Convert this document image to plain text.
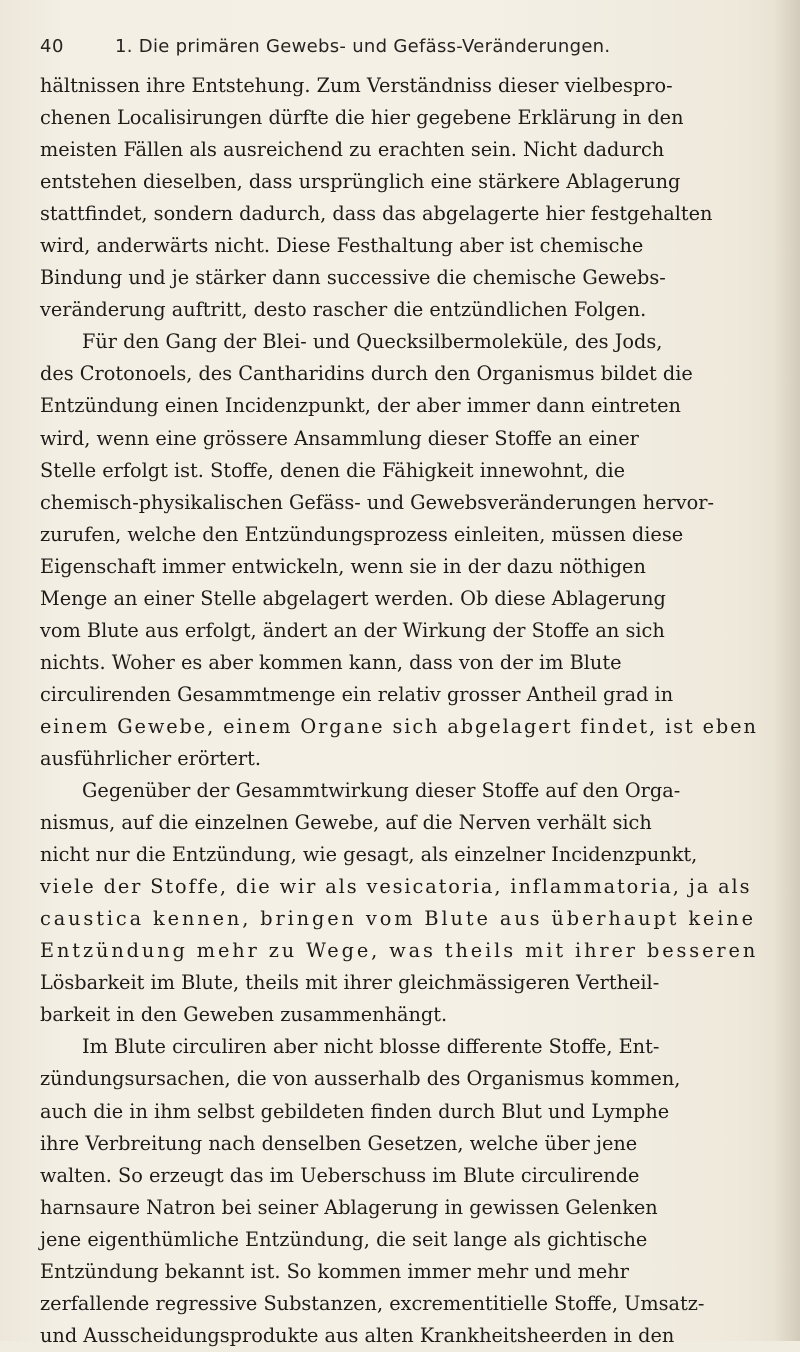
40	1. Die primären Gewebs- und Gefäss-Veränderungen.
hältnissen ihre Entstehung. Zum Verständniss dieser vielbespro-
chenen Localisirungen dürfte die hier gegebene Erklärung in den
meisten Fällen als ausreichend zu erachten sein. Nicht dadurch
entstehen dieselben, dass ursprünglich eine stärkere Ablagerung
stattfindet, sondern dadurch, dass das abgelagerte hier festgehalten
wird, anderwärts nicht. Diese Festhaltung aber ist chemische
Bindung und je stärker dann successive die chemische Gewebs-
veränderung auftritt, desto rascher die entzündlichen Folgen.
Für den Gang der Blei- und Quecksilbermoleküle, des Jods,
des Crotonoels, des Cantharidins durch den Organismus bildet die
Entzündung einen Incidenzpunkt, der aber immer dann eintreten
wird, wenn eine grössere Ansammlung dieser Stoffe an einer
Stelle erfolgt ist. Stoffe, denen die Fähigkeit innewohnt, die
chemisch-physikalischen Gefäss- und Gewebsveränderungen hervor-
zurufen, welche den Entzündungsprozess einleiten, müssen diese
Eigenschaft immer entwickeln, wenn sie in der dazu nöthigen
Menge an einer Stelle abgelagert werden. Ob diese Ablagerung
vom Blute aus erfolgt, ändert an der Wirkung der Stoffe an sich
nichts. Woher es aber kommen kann, dass von der im Blute
circulirenden Gesammtmenge ein relativ grosser Antheil grad in
einem Gewebe, einem Organe sich abgelagert findet, ist eben
ausführlicher erörtert.
Gegenüber der Gesammtwirkung dieser Stoffe auf den Orga-
nismus, auf die einzelnen Gewebe, auf die Nerven verhält sich
nicht nur die Entzündung, wie gesagt, als einzelner Incidenzpunkt,
viele der Stoffe, die wir als vesicatoria, inflammatoria, ja als
caustica kennen, bringen vom Blute aus überhaupt keine
Entzündung mehr zu Wege, was theils mit ihrer besseren
Lösbarkeit im Blute, theils mit ihrer gleichmässigeren Vertheil-
barkeit in den Geweben zusammenhängt.
Im Blute circuliren aber nicht blosse differente Stoffe, Ent-
zündungsursachen, die von ausserhalb des Organismus kommen,
auch die in ihm selbst gebildeten finden durch Blut und Lymphe
ihre Verbreitung nach denselben Gesetzen, welche über jene
walten. So erzeugt das im Ueberschuss im Blute circulirende
harnsaure Natron bei seiner Ablagerung in gewissen Gelenken
jene eigenthümliche Entzündung, die seit lange als gichtische
Entzündung bekannt ist. So kommen immer mehr und mehr
zerfallende regressive Substanzen, excrementitielle Stoffe, Umsatz-
und Ausscheidungsprodukte aus alten Krankheitsheerden in den
